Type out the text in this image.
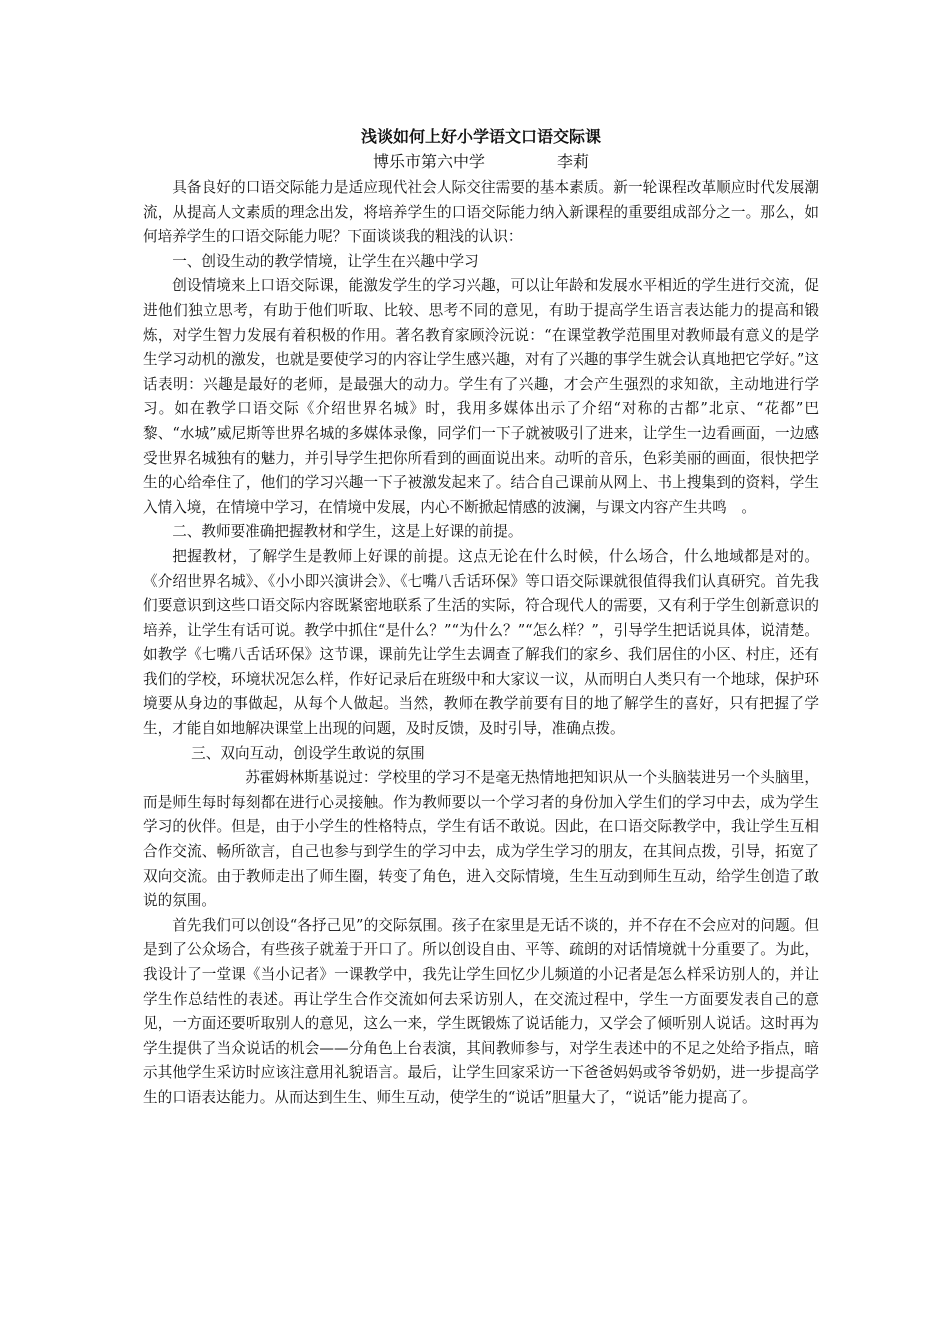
浅谈如何上好小学语文口语交际课
博乐市第六中学	李莉

具备良好的口语交际能力是适应现代社会人际交往需要的基本素质。新一轮课程改革顺应时代发展潮流，从提高人文素质的理念出发，将培养学生的口语交际能力纳入新课程的重要组成部分之一。那么，如何培养学生的口语交际能力呢？下面谈谈我的粗浅的认识：

一、创设生动的教学情境，让学生在兴趣中学习

创设情境来上口语交际课，能激发学生的学习兴趣，可以让年龄和发展水平相近的学生进行交流，促进他们独立思考，有助于他们听取、比较、思考不同的意见，有助于提高学生语言表达能力的提高和锻炼，对学生智力发展有着积极的作用。著名教育家顾泠沅说：“在课堂教学范围里对教师最有意义的是学生学习动机的激发，也就是要使学习的内容让学生感兴趣，对有了兴趣的事学生就会认真地把它学好。”这话表明：兴趣是最好的老师，是最强大的动力。学生有了兴趣，才会产生强烈的求知欲，主动地进行学习。如在教学口语交际《介绍世界名城》时，我用多媒体出示了介绍“对称的古都”北京、“花都”巴黎、“水城”威尼斯等世界名城的多媒体录像，同学们一下子就被吸引了进来，让学生一边看画面，一边感受世界名城独有的魅力，并引导学生把你所看到的画面说出来。动听的音乐，色彩美丽的画面，很快把学生的心给牵住了，他们的学习兴趣一下子被激发起来了。结合自己课前从网上、书上搜集到的资料，学生入情入境，在情境中学习，在情境中发展，内心不断掀起情感的波澜，与课文内容产生共鸣　。

二、教师要准确把握教材和学生，这是上好课的前提。

把握教材，了解学生是教师上好课的前提。这点无论在什么时候，什么场合，什么地域都是对的。《介绍世界名城》、《小小即兴演讲会》、《七嘴八舌话环保》等口语交际课就很值得我们认真研究。首先我们要意识到这些口语交际内容既紧密地联系了生活的实际，符合现代人的需要，又有利于学生创新意识的培养，让学生有话可说。教学中抓住“是什么？”“为什么？”“怎么样？”，引导学生把话说具体，说清楚。如教学《七嘴八舌话环保》这节课，课前先让学生去调查了解我们的家乡、我们居住的小区、村庄，还有我们的学校，环境状况怎么样，作好记录后在班级中和大家议一议，从而明白人类只有一个地球，保护环境要从身边的事做起，从每个人做起。当然，教师在教学前要有目的地了解学生的喜好，只有把握了学生，才能自如地解决课堂上出现的问题，及时反馈，及时引导，准确点拨。

三、双向互动，创设学生敢说的氛围

苏霍姆林斯基说过：学校里的学习不是毫无热情地把知识从一个头脑装进另一个头脑里，而是师生每时每刻都在进行心灵接触。作为教师要以一个学习者的身份加入学生们的学习中去，成为学生学习的伙伴。但是，由于小学生的性格特点，学生有话不敢说。因此，在口语交际教学中，我让学生互相合作交流、畅所欲言，自己也参与到学生的学习中去，成为学生学习的朋友，在其间点拨，引导，拓宽了双向交流。由于教师走出了师生圈，转变了角色，进入交际情境，生生互动到师生互动，给学生创造了敢说的氛围。

首先我们可以创设“各抒己见”的交际氛围。孩子在家里是无话不谈的，并不存在不会应对的问题。但是到了公众场合，有些孩子就羞于开口了。所以创设自由、平等、疏朗的对话情境就十分重要了。为此，我设计了一堂课《当小记者》一课教学中，我先让学生回忆少儿频道的小记者是怎么样采访别人的，并让学生作总结性的表述。再让学生合作交流如何去采访别人，在交流过程中，学生一方面要发表自己的意见，一方面还要听取别人的意见，这么一来，学生既锻炼了说话能力，又学会了倾听别人说话。这时再为学生提供了当众说话的机会——分角色上台表演，其间教师参与，对学生表述中的不足之处给予指点，暗示其他学生采访时应该注意用礼貌语言。最后，让学生回家采访一下爸爸妈妈或爷爷奶奶，进一步提高学生的口语表达能力。从而达到生生、师生互动，使学生的“说话”胆量大了，“说话”能力提高了。
